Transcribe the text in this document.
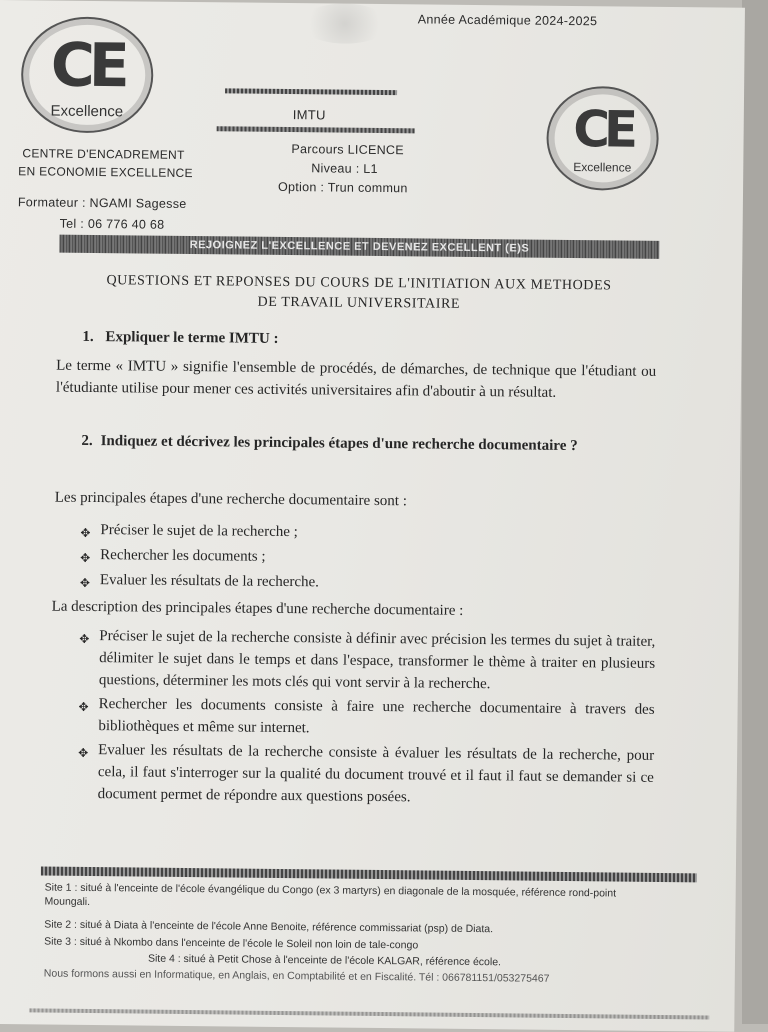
Année Académique 2024-2025
CE
Excellence
CENTRE D'ENCADREMENT
EN ECONOMIE EXCELLENCE
Formateur : NGAMI Sagesse
Tel : 06 776 40 68
IMTU
Parcours LICENCE
Niveau : L1
Option : Trun commun
CE
Excellence
REJOIGNEZ L'EXCELLENCE ET DEVENEZ EXCELLENT (E)S
QUESTIONS ET REPONSES DU COURS DE L'INITIATION AUX METHODES
DE TRAVAIL UNIVERSITAIRE
1. Expliquer le terme IMTU :
Le terme « IMTU » signifie l'ensemble de procédés, de démarches, de technique que l'étudiant ou l'étudiante utilise pour mener ces activités universitaires afin d'aboutir à un résultat.
2. Indiquez et décrivez les principales étapes d'une recherche documentaire ?
Les principales étapes d'une recherche documentaire sont :
✥ Préciser le sujet de la recherche ;
✥ Rechercher les documents ;
✥ Evaluer les résultats de la recherche.
La description des principales étapes d'une recherche documentaire :
✥ Préciser le sujet de la recherche consiste à définir avec précision les termes du sujet à traiter, délimiter le sujet dans le temps et dans l'espace, transformer le thème à traiter en plusieurs questions, déterminer les mots clés qui vont servir à la recherche.
✥ Rechercher les documents consiste à faire une recherche documentaire à travers des bibliothèques et même sur internet.
✥ Evaluer les résultats de la recherche consiste à évaluer les résultats de la recherche, pour cela, il faut s'interroger sur la qualité du document trouvé et il faut il faut se demander si ce document permet de répondre aux questions posées.
Site 1 : situé à l'enceinte de l'école évangélique du Congo (ex 3 martyrs) en diagonale de la mosquée, référence rond-point Moungali.
Site 2 : situé à Diata à l'enceinte de l'école Anne Benoite, référence commissariat (psp) de Diata.
Site 3 : situé à Nkombo dans l'enceinte de l'école le Soleil non loin de tale-congo
Site 4 : situé à Petit Chose à l'enceinte de l'école KALGAR, référence école.
Nous formons aussi en Informatique, en Anglais, en Comptabilité et en Fiscalité. Tél : 066781151/053275467
